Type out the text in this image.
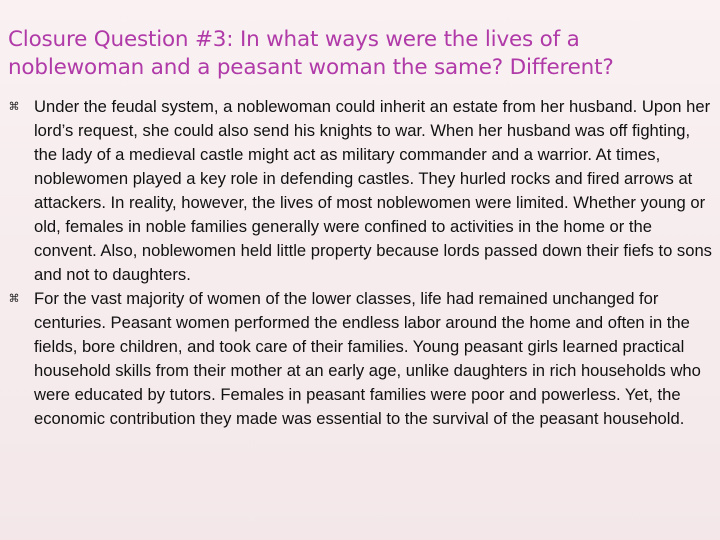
Closure Question #3: In what ways were the lives of a noblewoman and a peasant woman the same? Different?
⌘ Under the feudal system, a noblewoman could inherit an estate from her husband. Upon her lord’s request, she could also send his knights to war. When her husband was off fighting, the lady of a medieval castle might act as military commander and a warrior. At times, noblewomen played a key role in defending castles. They hurled rocks and fired arrows at attackers. In reality, however, the lives of most noblewomen were limited. Whether young or old, females in noble families generally were confined to activities in the home or the convent. Also, noblewomen held little property because lords passed down their fiefs to sons and not to daughters.
⌘ For the vast majority of women of the lower classes, life had remained unchanged for centuries. Peasant women performed the endless labor around the home and often in the fields, bore children, and took care of their families. Young peasant girls learned practical household skills from their mother at an early age, unlike daughters in rich households who were educated by tutors. Females in peasant families were poor and powerless. Yet, the economic contribution they made was essential to the survival of the peasant household.
